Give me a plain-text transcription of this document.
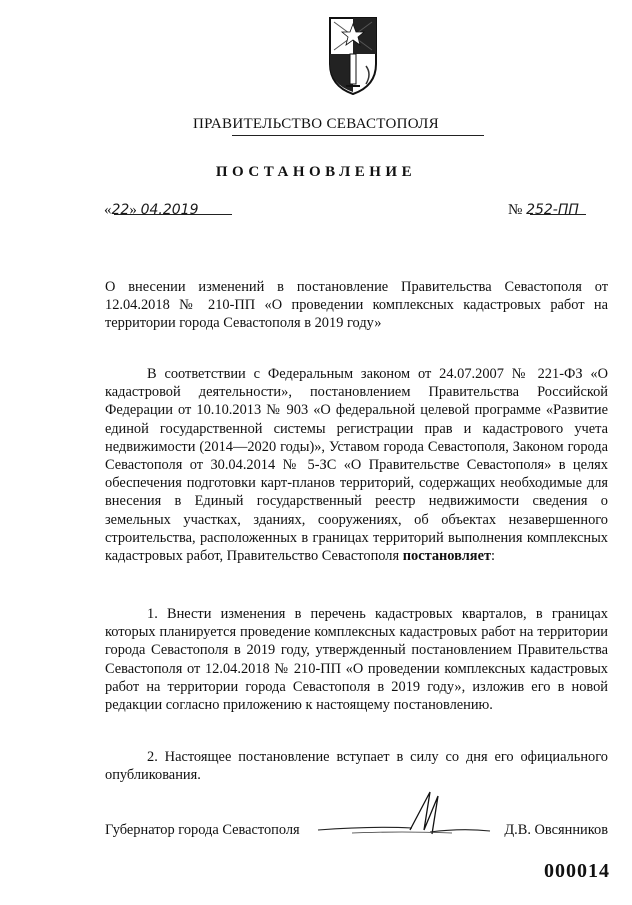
ПРАВИТЕЛЬСТВО СЕВАСТОПОЛЯ
ПОСТАНОВЛЕНИЕ
«22» 04.2019	№ 252-ПП

О внесении изменений в постановление Правительства Севастополя от 12.04.2018 № 210-ПП «О проведении комплексных кадастровых работ на территории города Севастополя в 2019 году»

В соответствии с Федеральным законом от 24.07.2007 № 221-ФЗ «О кадастровой деятельности», постановлением Правительства Российской Федерации от 10.10.2013 № 903 «О федеральной целевой программе «Развитие единой государственной системы регистрации прав и кадастрового учета недвижимости (2014—2020 годы)», Уставом города Севастополя, Законом города Севастополя от 30.04.2014 № 5-ЗС «О Правительстве Севастополя» в целях обеспечения подготовки карт-планов территорий, содержащих необходимые для внесения в Единый государственный реестр недвижимости сведения о земельных участках, зданиях, сооружениях, об объектах незавершенного строительства, расположенных в границах территорий выполнения комплексных кадастровых работ, Правительство Севастополя постановляет:

1. Внести изменения в перечень кадастровых кварталов, в границах которых планируется проведение комплексных кадастровых работ на территории города Севастополя в 2019 году, утвержденный постановлением Правительства Севастополя от 12.04.2018 № 210-ПП «О проведении комплексных кадастровых работ на территории города Севастополя в 2019 году», изложив его в новой редакции согласно приложению к настоящему постановлению.

2. Настоящее постановление вступает в силу со дня его официального опубликования.

Губернатор города Севастополя	Д.В. Овсянников
000014
